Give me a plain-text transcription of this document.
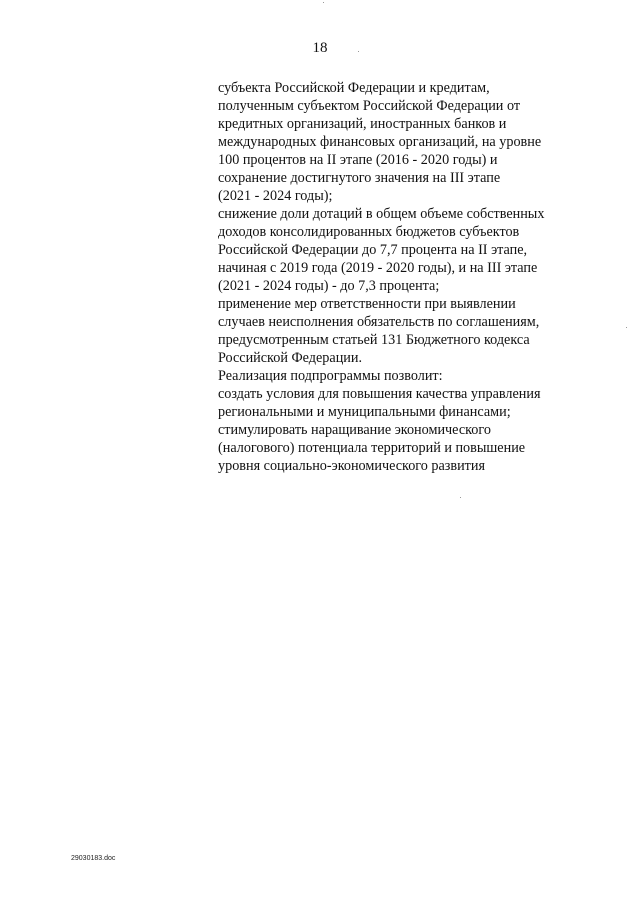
18
субъекта Российской Федерации и кредитам,
полученным субъектом Российской Федерации от
кредитных организаций, иностранных банков и
международных финансовых организаций, на уровне
100 процентов на II этапе (2016 - 2020 годы) и
сохранение достигнутого значения на III этапе
(2021 - 2024 годы);
снижение доли дотаций в общем объеме собственных
доходов консолидированных бюджетов субъектов
Российской Федерации до 7,7 процента на II этапе,
начиная с 2019 года (2019 - 2020 годы), и на III этапе
(2021 - 2024 годы) - до 7,3 процента;
применение мер ответственности при выявлении
случаев неисполнения обязательств по соглашениям,
предусмотренным статьей 131 Бюджетного кодекса
Российской Федерации.
Реализация подпрограммы позволит:
создать условия для повышения качества управления
региональными и муниципальными финансами;
стимулировать наращивание экономического
(налогового) потенциала территорий и повышение
уровня социально-экономического развития
29030183.doc
